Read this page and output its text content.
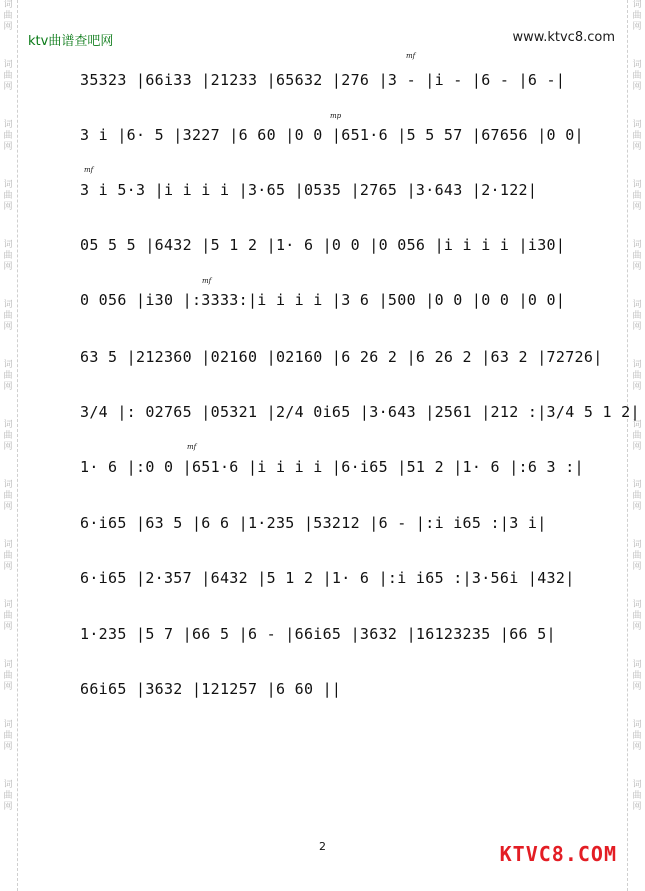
词曲网
词曲网
词曲网
词曲网
词曲网
词曲网
词曲网
词曲网
词曲网
词曲网
词曲网
词曲网
词曲网
词曲网
词曲网
词曲网
词曲网
词曲网
词曲网
词曲网
词曲网
词曲网
词曲网
词曲网
词曲网
词曲网
词曲网
词曲网
ktv曲谱查吧网	www.ktvc8.com
mf
35323 |66i33 |21233 |65632 |276 |3 - |i - |6 - |6 -|
mp
3 i |6· 5 |3227 |6 60 |0 0 |651·6 |5 5 57 |67656 |0 0|
mf
3 i 5·3 |i i i i |3·65 |0535 |2765 |3·643 |2·122|
05 5 5 |6432 |5 1 2 |1· 6 |0 0 |0 056 |i i i i |i30|
mf
0 056 |i30 |:3333:|i i i i |3 6 |500 |0 0 |0 0 |0 0|
63 5 |212360 |02160 |02160 |6 26 2 |6 26 2 |63 2 |72726|
3/4 |: 02765 |05321 |2/4 0i65 |3·643 |2561 |212 :|3/4 5 1 2|
mf
1· 6 |:0 0 |651·6 |i i i i |6·i65 |51 2 |1· 6 |:6 3 :|
6·i65 |63 5 |6 6 |1·235 |53212 |6 - |:i i65 :|3 i|
6·i65 |2·357 |6432 |5 1 2 |1· 6 |:i i65 :|3·56i |432|
1·235 |5 7 |66 5 |6 - |66i65 |3632 |16123235 |66 5|
66i65 |3632 |121257 |6 60 ||
2	KTVC8.COM
